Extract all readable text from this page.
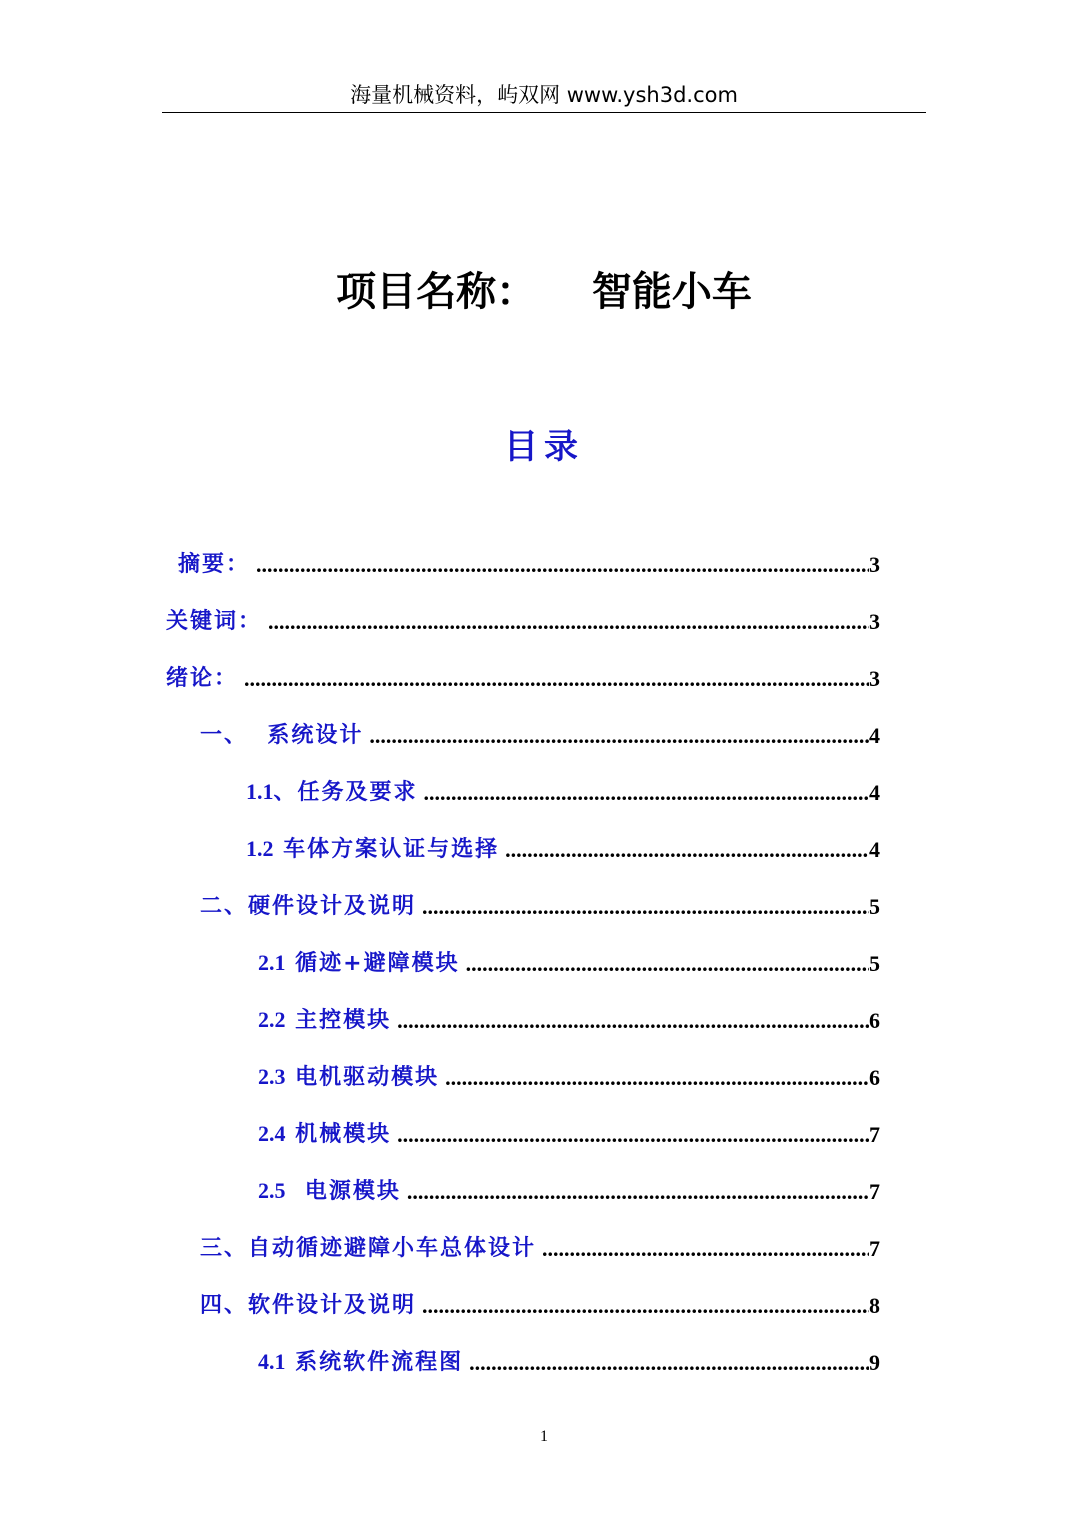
海量机械资料，屿双网 www.ysh3d.com
项目名称： 智能小车
目录
摘要： .....	3
关键词： .....	3
绪论： .....	3
一、  系统设计 .....	4
1.1、任务及要求 .....	4
1.2 车体方案认证与选择 .....	4
二、硬件设计及说明 .....	5
2.1 循迹+避障模块 .....	5
2.2 主控模块 .....	6
2.3 电机驱动模块 .....	6
2.4 机械模块 .....	7
2.5  电源模块 .....	7
三、自动循迹避障小车总体设计 .....	7
四、软件设计及说明 .....	8
4.1 系统软件流程图 .....	9
1
